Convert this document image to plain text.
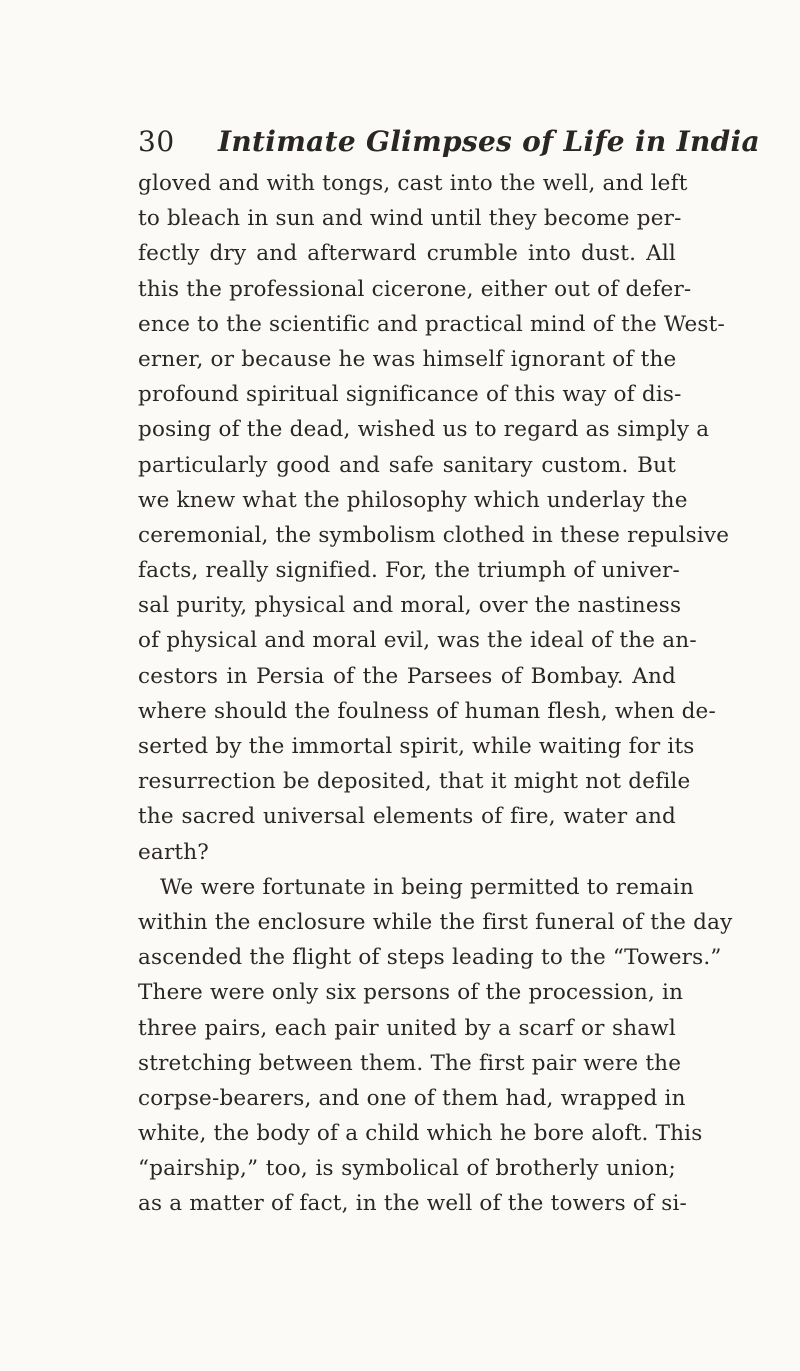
30 Intimate Glimpses of Life in India
gloved and with tongs, cast into the well, and left
to bleach in sun and wind until they become per-
fectly dry and afterward crumble into dust. All
this the professional cicerone, either out of defer-
ence to the scientific and practical mind of the West-
erner, or because he was himself ignorant of the
profound spiritual significance of this way of dis-
posing of the dead, wished us to regard as simply a
particularly good and safe sanitary custom. But
we knew what the philosophy which underlay the
ceremonial, the symbolism clothed in these repulsive
facts, really signified. For, the triumph of univer-
sal purity, physical and moral, over the nastiness
of physical and moral evil, was the ideal of the an-
cestors in Persia of the Parsees of Bombay. And
where should the foulness of human flesh, when de-
serted by the immortal spirit, while waiting for its
resurrection be deposited, that it might not defile
the sacred universal elements of fire, water and
earth?
We were fortunate in being permitted to remain
within the enclosure while the first funeral of the day
ascended the flight of steps leading to the “Towers.”
There were only six persons of the procession, in
three pairs, each pair united by a scarf or shawl
stretching between them. The first pair were the
corpse-bearers, and one of them had, wrapped in
white, the body of a child which he bore aloft. This
“pairship,” too, is symbolical of brotherly union;
as a matter of fact, in the well of the towers of si-
